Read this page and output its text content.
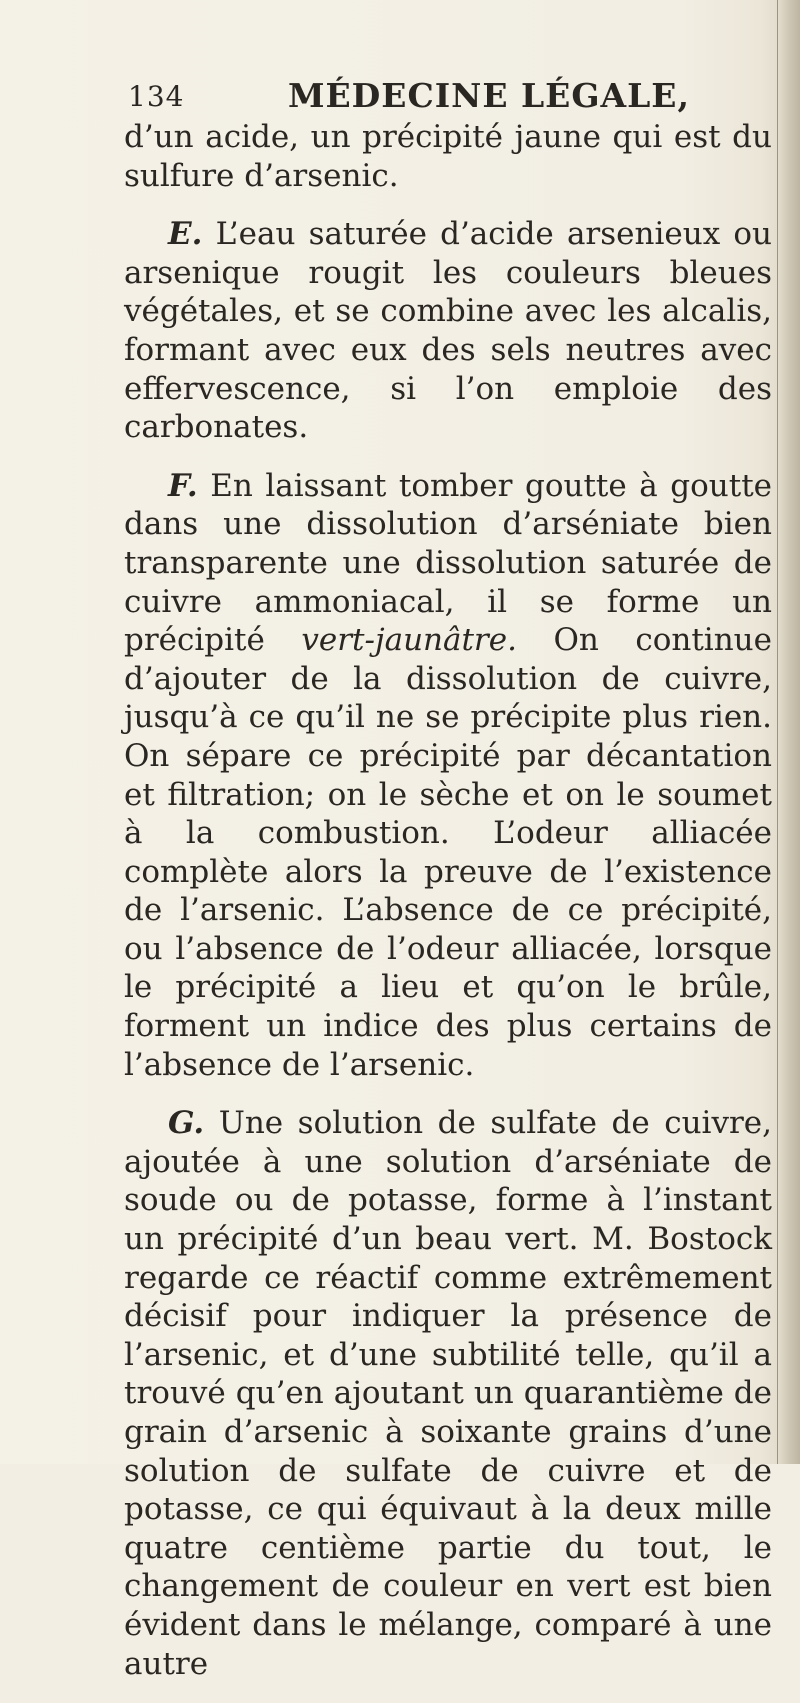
134	MÉDECINE LÉGALE,

d’un acide, un précipité jaune qui est du sulfure d’arsenic.

E. L’eau saturée d’acide arsenieux ou arsenique rougit les couleurs bleues végétales, et se combine avec les alcalis, formant avec eux des sels neutres avec effervescence, si l’on emploie des carbonates.

F. En laissant tomber goutte à goutte dans une dissolution d’arséniate bien transparente une dissolution saturée de cuivre ammoniacal, il se forme un précipité vert-jaunâtre. On continue d’ajouter de la dissolution de cuivre, jusqu’à ce qu’il ne se précipite plus rien. On sépare ce précipité par décantation et filtration; on le sèche et on le soumet à la combustion. L’odeur alliacée complète alors la preuve de l’existence de l’arsenic. L’absence de ce précipité, ou l’absence de l’odeur alliacée, lorsque le précipité a lieu et qu’on le brûle, forment un indice des plus certains de l’absence de l’arsenic.

G. Une solution de sulfate de cuivre, ajoutée à une solution d’arséniate de soude ou de potasse, forme à l’instant un précipité d’un beau vert. M. Bostock regarde ce réactif comme extrêmement décisif pour indiquer la présence de l’arsenic, et d’une subtilité telle, qu’il a trouvé qu’en ajoutant un quarantième de grain d’arsenic à soixante grains d’une solution de sulfate de cuivre et de potasse, ce qui équivaut à la deux mille quatre centième partie du tout, le changement de couleur en vert est bien évident dans le mélange, comparé à une autre
